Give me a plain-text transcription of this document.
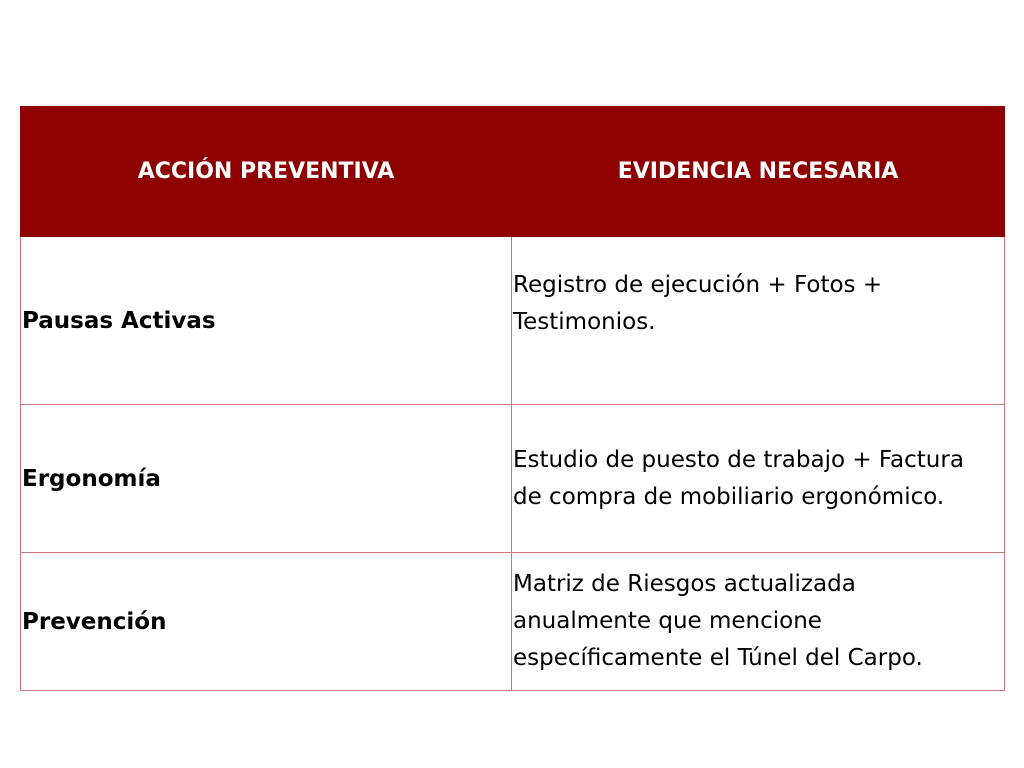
ACCIÓN PREVENTIVA	EVIDENCIA NECESARIA
Pausas Activas	Registro de ejecución + Fotos + Testimonios.
Ergonomía	Estudio de puesto de trabajo + Factura de compra de mobiliario ergonómico.
Prevención	Matriz de Riesgos actualizada anualmente que mencione específicamente el Túnel del Carpo.
